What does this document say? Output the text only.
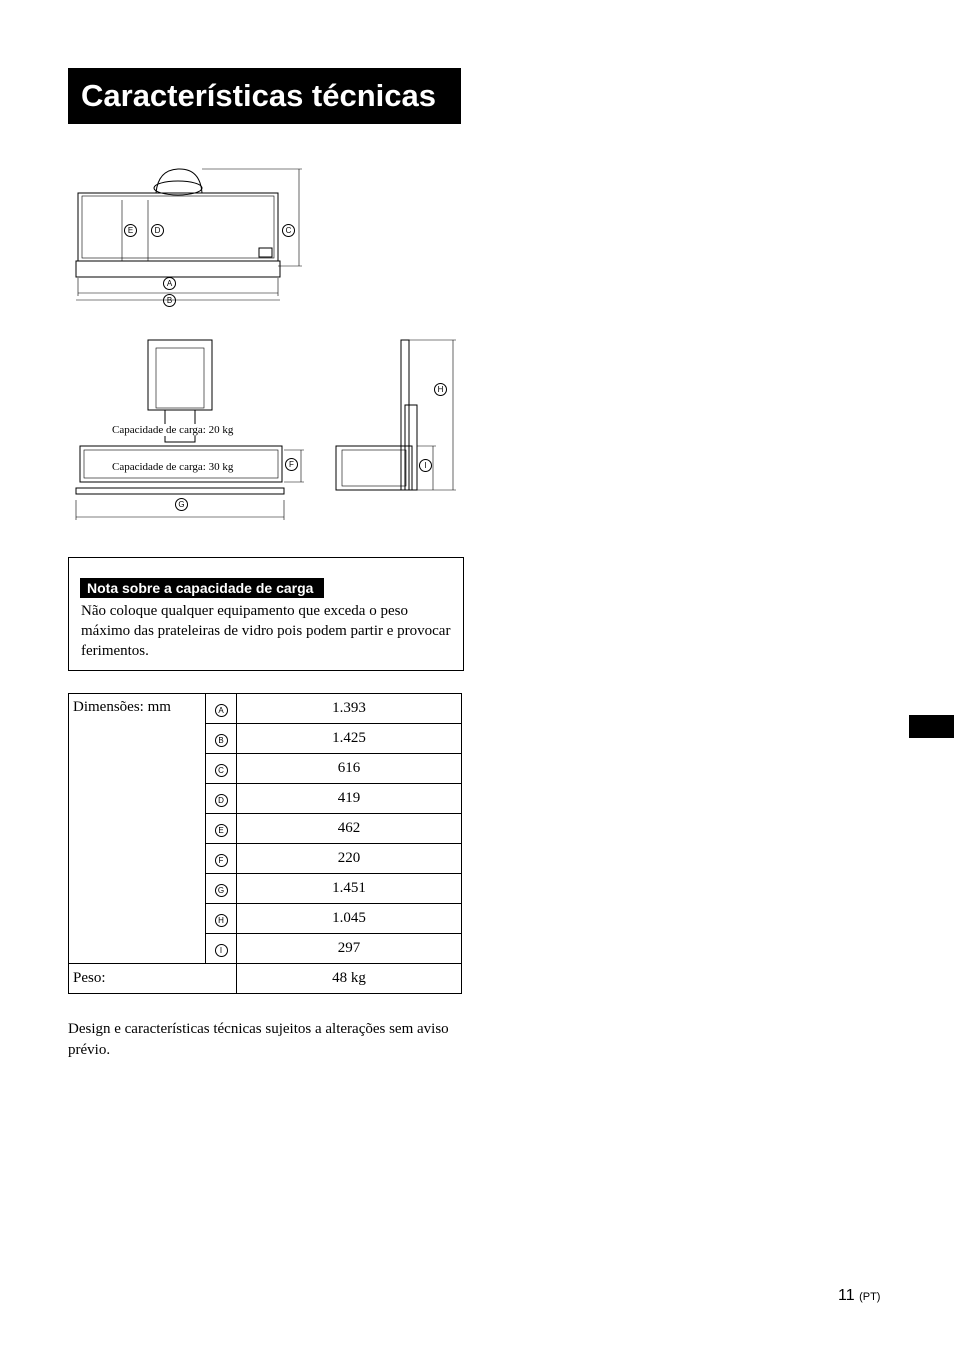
Características técnicas
E	D	C
A
B
F
G
H
I
Capacidade de carga: 20 kg
Capacidade de carga: 30 kg
Nota sobre a capacidade de carga
Não coloque qualquer equipamento que exceda o peso máximo das prateleiras de vidro pois podem partir e provocar ferimentos.
Dimensões: mm	A	1.393
	B	1.425
	C	616
	D	419
	E	462
	F	220
	G	1.451
	H	1.045
	I	297
Peso:		48 kg
Design e características técnicas sujeitos a alterações sem aviso prévio.
11 (PT)
